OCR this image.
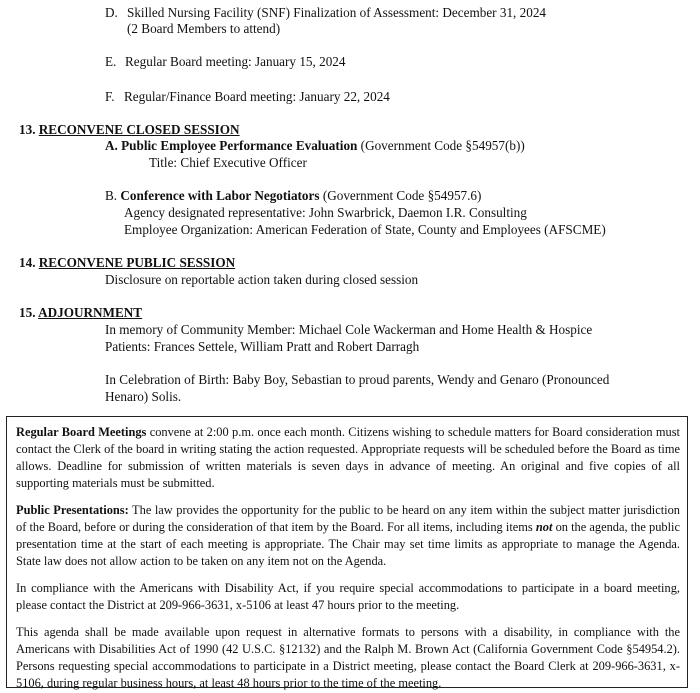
D. Skilled Nursing Facility (SNF) Finalization of Assessment: December 31, 2024
(2 Board Members to attend)
E. Regular Board meeting: January 15, 2024
F. Regular/Finance Board meeting: January 22, 2024
13. RECONVENE CLOSED SESSION
A. Public Employee Performance Evaluation (Government Code §54957(b))
Title: Chief Executive Officer
B. Conference with Labor Negotiators (Government Code §54957.6)
Agency designated representative: John Swarbrick, Daemon I.R. Consulting
Employee Organization: American Federation of State, County and Employees (AFSCME)
14. RECONVENE PUBLIC SESSION
Disclosure on reportable action taken during closed session
15. ADJOURNMENT
In memory of Community Member: Michael Cole Wackerman and Home Health & Hospice
Patients: Frances Settele, William Pratt and Robert Darragh
In Celebration of Birth: Baby Boy, Sebastian to proud parents, Wendy and Genaro (Pronounced
Henaro) Solis.
Regular Board Meetings convene at 2:00 p.m. once each month. Citizens wishing to schedule matters for Board consideration must contact the Clerk of the board in writing stating the action requested. Appropriate requests will be scheduled before the Board as time allows. Deadline for submission of written materials is seven days in advance of meeting. An original and five copies of all supporting materials must be submitted.
Public Presentations: The law provides the opportunity for the public to be heard on any item within the subject matter jurisdiction of the Board, before or during the consideration of that item by the Board. For all items, including items not on the agenda, the public presentation time at the start of each meeting is appropriate. The Chair may set time limits as appropriate to manage the Agenda. State law does not allow action to be taken on any item not on the Agenda.
In compliance with the Americans with Disability Act, if you require special accommodations to participate in a board meeting, please contact the District at 209-966-3631, x-5106 at least 47 hours prior to the meeting.
This agenda shall be made available upon request in alternative formats to persons with a disability, in compliance with the Americans with Disabilities Act of 1990 (42 U.S.C. §12132) and the Ralph M. Brown Act (California Government Code §54954.2). Persons requesting special accommodations to participate in a District meeting, please contact the Board Clerk at 209-966-3631, x-5106, during regular business hours, at least 48 hours prior to the time of the meeting.
